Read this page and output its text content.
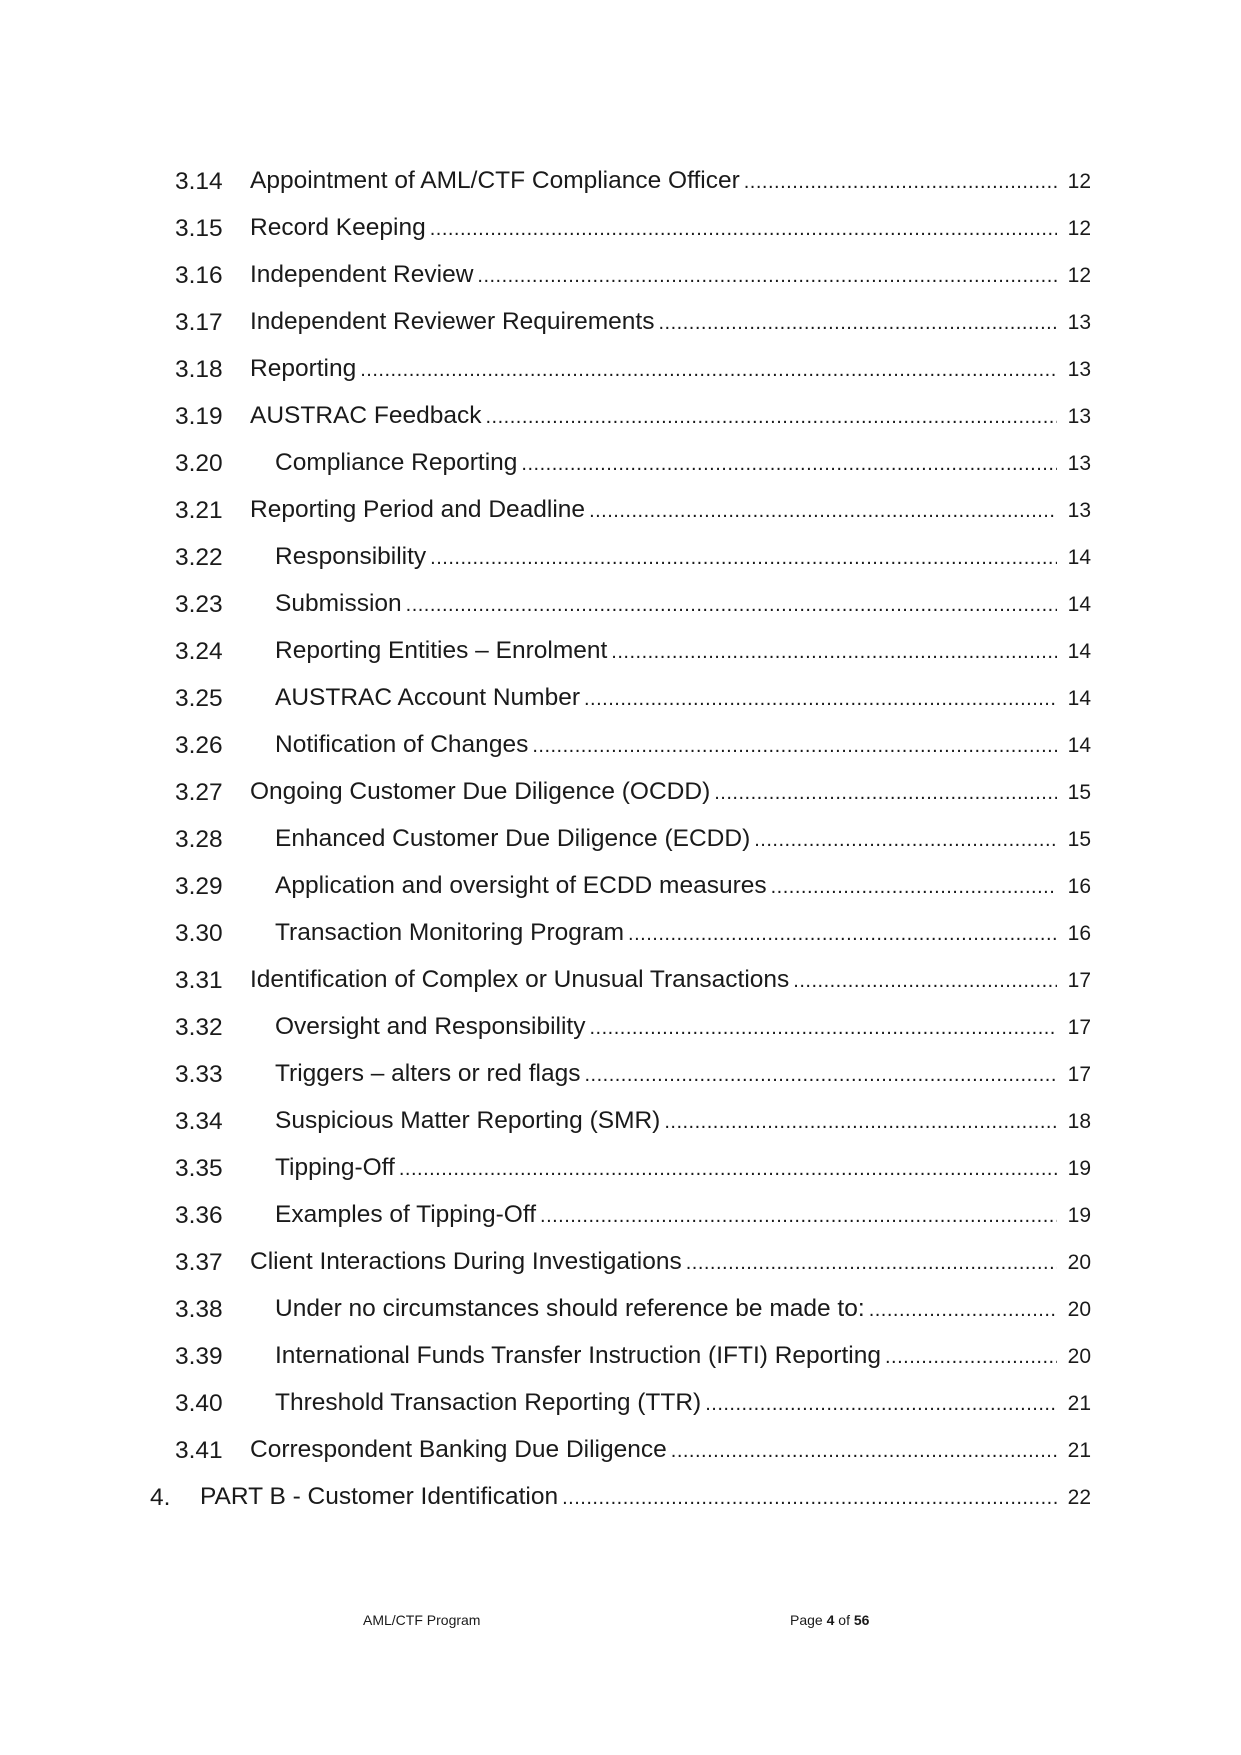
3.14	Appointment of AML/CTF Compliance Officer .....	12
3.15	Record Keeping .....	12
3.16	Independent Review .....	12
3.17	Independent Reviewer Requirements .....	13
3.18	Reporting .....	13
3.19	AUSTRAC Feedback .....	13
3.20	Compliance Reporting .....	13
3.21	Reporting Period and Deadline .....	13
3.22	Responsibility .....	14
3.23	Submission .....	14
3.24	Reporting Entities – Enrolment .....	14
3.25	AUSTRAC Account Number .....	14
3.26	Notification of Changes .....	14
3.27	Ongoing Customer Due Diligence (OCDD) .....	15
3.28	Enhanced Customer Due Diligence (ECDD) .....	15
3.29	Application and oversight of ECDD measures .....	16
3.30	Transaction Monitoring Program .....	16
3.31	Identification of Complex or Unusual Transactions .....	17
3.32	Oversight and Responsibility .....	17
3.33	Triggers – alters or red flags .....	17
3.34	Suspicious Matter Reporting (SMR) .....	18
3.35	Tipping-Off .....	19
3.36	Examples of Tipping-Off .....	19
3.37	Client Interactions During Investigations .....	20
3.38	Under no circumstances should reference be made to: .....	20
3.39	International Funds Transfer Instruction (IFTI) Reporting .....	20
3.40	Threshold Transaction Reporting (TTR) .....	21
3.41	Correspondent Banking Due Diligence .....	21
4.	PART B - Customer Identification .....	22
AML/CTF Program	Page 4 of 56
